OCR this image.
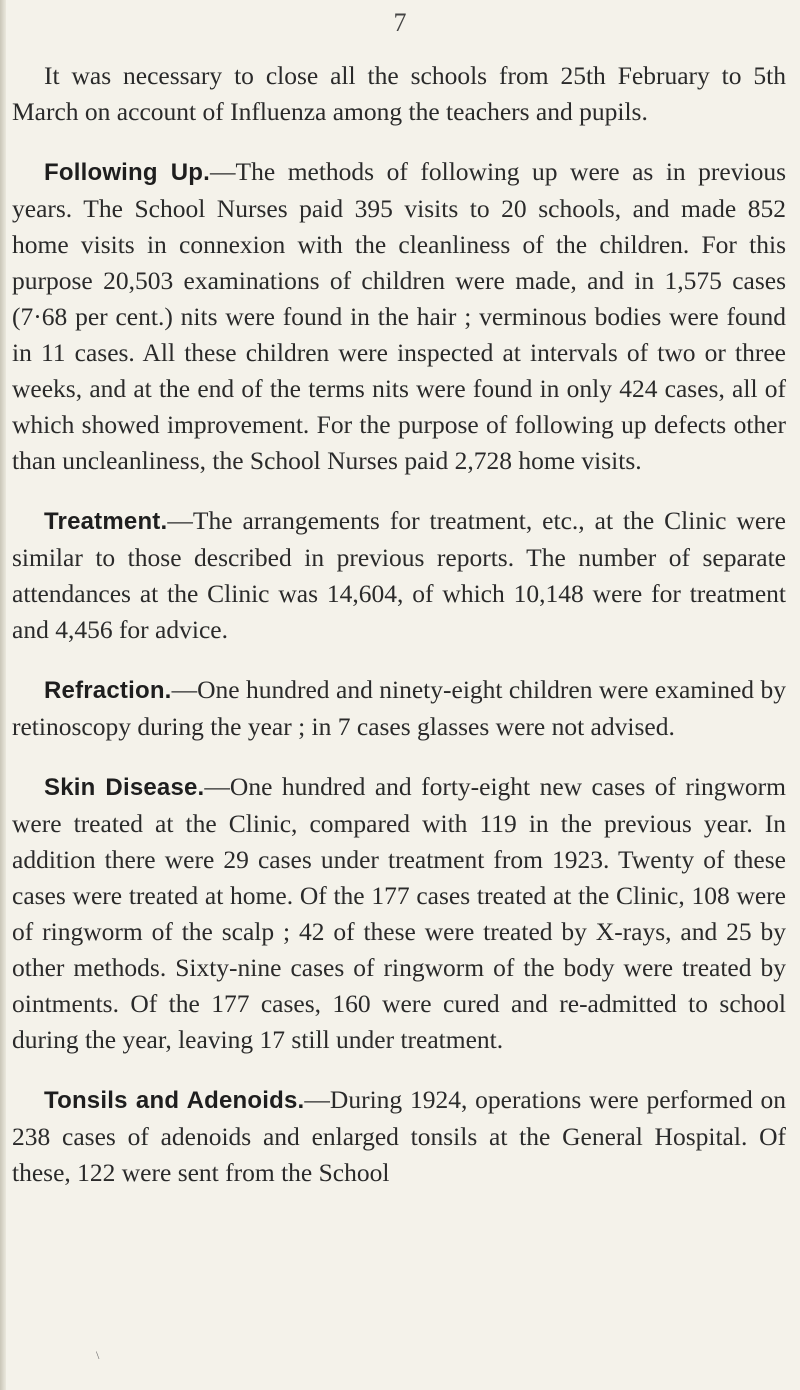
7

It was necessary to close all the schools from 25th February to 5th March on account of Influenza among the teachers and pupils.

Following Up.—The methods of following up were as in previous years. The School Nurses paid 395 visits to 20 schools, and made 852 home visits in connexion with the cleanliness of the children. For this purpose 20,503 examinations of children were made, and in 1,575 cases (7·68 per cent.) nits were found in the hair ; verminous bodies were found in 11 cases. All these children were inspected at intervals of two or three weeks, and at the end of the terms nits were found in only 424 cases, all of which showed improvement. For the purpose of following up defects other than uncleanliness, the School Nurses paid 2,728 home visits.

Treatment.—The arrangements for treatment, etc., at the Clinic were similar to those described in previous reports. The number of separate attendances at the Clinic was 14,604, of which 10,148 were for treatment and 4,456 for advice.

Refraction.—One hundred and ninety-eight children were examined by retinoscopy during the year ; in 7 cases glasses were not advised.

Skin Disease.—One hundred and forty-eight new cases of ringworm were treated at the Clinic, compared with 119 in the previous year. In addition there were 29 cases under treatment from 1923. Twenty of these cases were treated at home. Of the 177 cases treated at the Clinic, 108 were of ringworm of the scalp ; 42 of these were treated by X-rays, and 25 by other methods. Sixty-nine cases of ringworm of the body were treated by ointments. Of the 177 cases, 160 were cured and re-admitted to school during the year, leaving 17 still under treatment.

Tonsils and Adenoids.—During 1924, operations were performed on 238 cases of adenoids and enlarged tonsils at the General Hospital. Of these, 122 were sent from the School

\
